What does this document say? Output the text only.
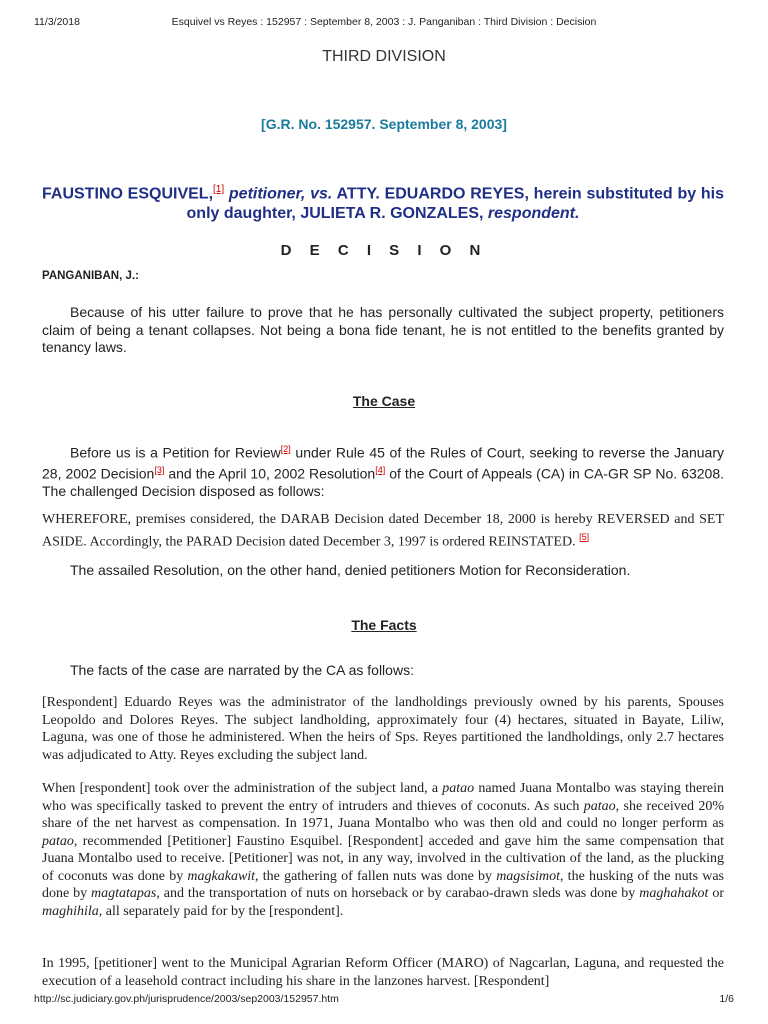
11/3/2018	Esquivel vs Reyes : 152957 : September 8, 2003 : J. Panganiban : Third Division : Decision
THIRD DIVISION
[G.R. No. 152957. September 8, 2003]
FAUSTINO ESQUIVEL,[1] petitioner, vs. ATTY. EDUARDO REYES, herein substituted by his only daughter, JULIETA R. GONZALES, respondent.
D E C I S I O N
PANGANIBAN, J.:
Because of his utter failure to prove that he has personally cultivated the subject property, petitioners claim of being a tenant collapses. Not being a bona fide tenant, he is not entitled to the benefits granted by tenancy laws.
The Case
Before us is a Petition for Review[2] under Rule 45 of the Rules of Court, seeking to reverse the January 28, 2002 Decision[3] and the April 10, 2002 Resolution[4] of the Court of Appeals (CA) in CA-GR SP No. 63208. The challenged Decision disposed as follows:
WHEREFORE, premises considered, the DARAB Decision dated December 18, 2000 is hereby REVERSED and SET ASIDE. Accordingly, the PARAD Decision dated December 3, 1997 is ordered REINSTATED. [5]
The assailed Resolution, on the other hand, denied petitioners Motion for Reconsideration.
The Facts
The facts of the case are narrated by the CA as follows:
[Respondent] Eduardo Reyes was the administrator of the landholdings previously owned by his parents, Spouses Leopoldo and Dolores Reyes. The subject landholding, approximately four (4) hectares, situated in Bayate, Liliw, Laguna, was one of those he administered. When the heirs of Sps. Reyes partitioned the landholdings, only 2.7 hectares was adjudicated to Atty. Reyes excluding the subject land.
When [respondent] took over the administration of the subject land, a patao named Juana Montalbo was staying therein who was specifically tasked to prevent the entry of intruders and thieves of coconuts. As such patao, she received 20% share of the net harvest as compensation. In 1971, Juana Montalbo who was then old and could no longer perform as patao, recommended [Petitioner] Faustino Esquibel. [Respondent] acceded and gave him the same compensation that Juana Montalbo used to receive. [Petitioner] was not, in any way, involved in the cultivation of the land, as the plucking of coconuts was done by magkakawit, the gathering of fallen nuts was done by magsisimot, the husking of the nuts was done by magtatapas, and the transportation of nuts on horseback or by carabao-drawn sleds was done by maghahakot or maghihila, all separately paid for by the [respondent].
In 1995, [petitioner] went to the Municipal Agrarian Reform Officer (MARO) of Nagcarlan, Laguna, and requested the execution of a leasehold contract including his share in the lanzones harvest. [Respondent]
http://sc.judiciary.gov.ph/jurisprudence/2003/sep2003/152957.htm	1/6
